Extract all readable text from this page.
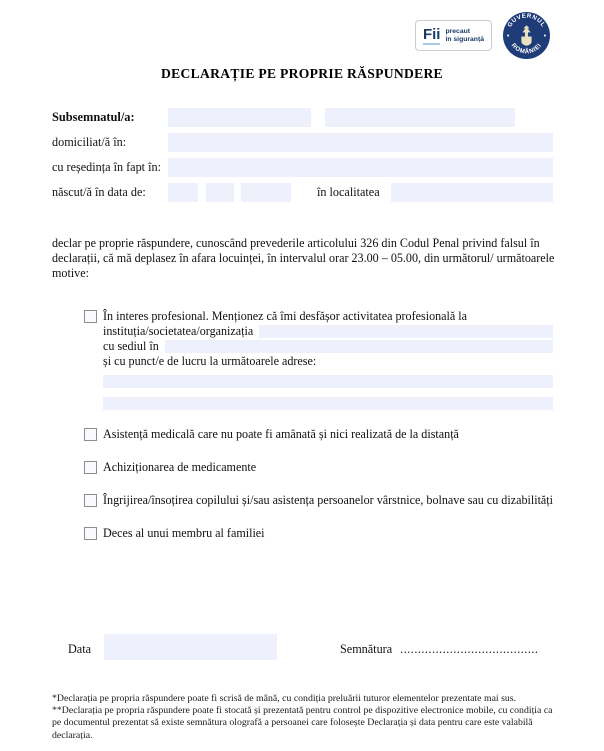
Fii precaut
în siguranță
GUVERNUL
ROMÂNIEI
DECLARAȚIE PE PROPRIE RĂSPUNDERE
Subsemnatul/a:
domiciliat/ă în:
cu reședința în fapt în:
născut/ă în data de:	în localitatea
declar pe proprie răspundere, cunoscând prevederile articolului 326 din Codul Penal privind falsul în declarații, că mă deplasez în afara locuinței, în intervalul orar 23.00 – 05.00, din următorul/ următoarele motive:
În interes profesional. Menționez că îmi desfășor activitatea profesională la
instituția/societatea/organizația
cu sediul în
și cu punct/e de lucru la următoarele adrese:
Asistență medicală care nu poate fi amânată și nici realizată de la distanță
Achiziționarea de medicamente
Îngrijirea/însoțirea copilului și/sau asistența persoanelor vârstnice, bolnave sau cu dizabilități
Deces al unui membru al familiei
Data	Semnătura .......................................

*Declarația pe propria răspundere poate fi scrisă de mână, cu condiția preluării tuturor elementelor prezentate mai sus.

**Declarația pe propria răspundere poate fi stocată și prezentată pentru control pe dispozitive electronice mobile, cu condiția ca pe documentul prezentat să existe semnătura olografă a persoanei care folosește Declarația și data pentru care este valabilă declarația.
